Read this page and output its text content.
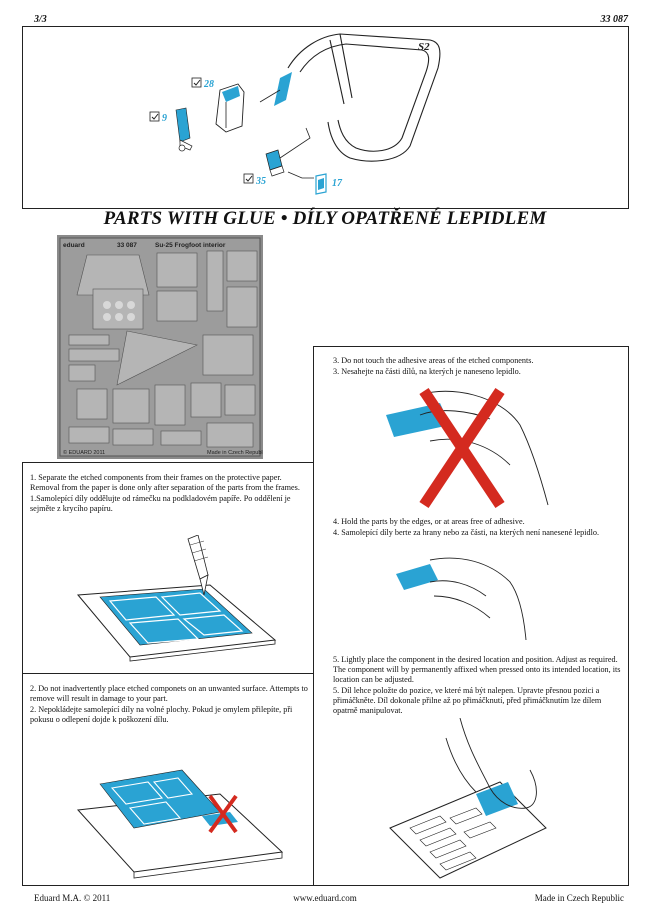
3/3	33 087
S2
28
9
35	17
PARTS WITH GLUE • DÍLY OPATŘENÉ LEPIDLEM
eduard	33 087	Su-25 Frogfoot interior
© EDUARD 2011	Made in Czech Republic

1. Separate the etched components from their frames on the protective paper. Removal from the paper is done only after separation of the parts from the frames.

1.Samolepící díly oddělujte od rámečku na podkladovém papíře. Po oddělení je sejměte z krycího papíru.

2. Do not inadvertently place etched componets on an unwanted surface. Attempts to remove will result in damage to your part.

2. Nepokládejte samolepící díly na volné plochy. Pokud je omylem přilepíte, při pokusu o odlepení dojde k poškození dílu.

3. Do not touch the adhesive areas of the etched components.

3. Nesahejte na části dílů, na kterých je naneseno lepidlo.

4. Hold the parts by the edges, or at areas free of adhesive.

4. Samolepící díly berte za hrany nebo za části, na kterých není nanesené lepidlo.

5. Lightly place the component in the desired location and position. Adjust as required. The component will by permanently affixed when pressed onto its intended location, its location can be adjusted.

5. Díl lehce položte do pozice, ve které má být nalepen. Upravte přesnou pozici a přimáčkněte. Díl dokonale přilne až po přimáčknutí, před přimáčknutím lze dílem opatrně manipulovat.

Eduard M.A. © 2011	www.eduard.com	Made in Czech Republic
